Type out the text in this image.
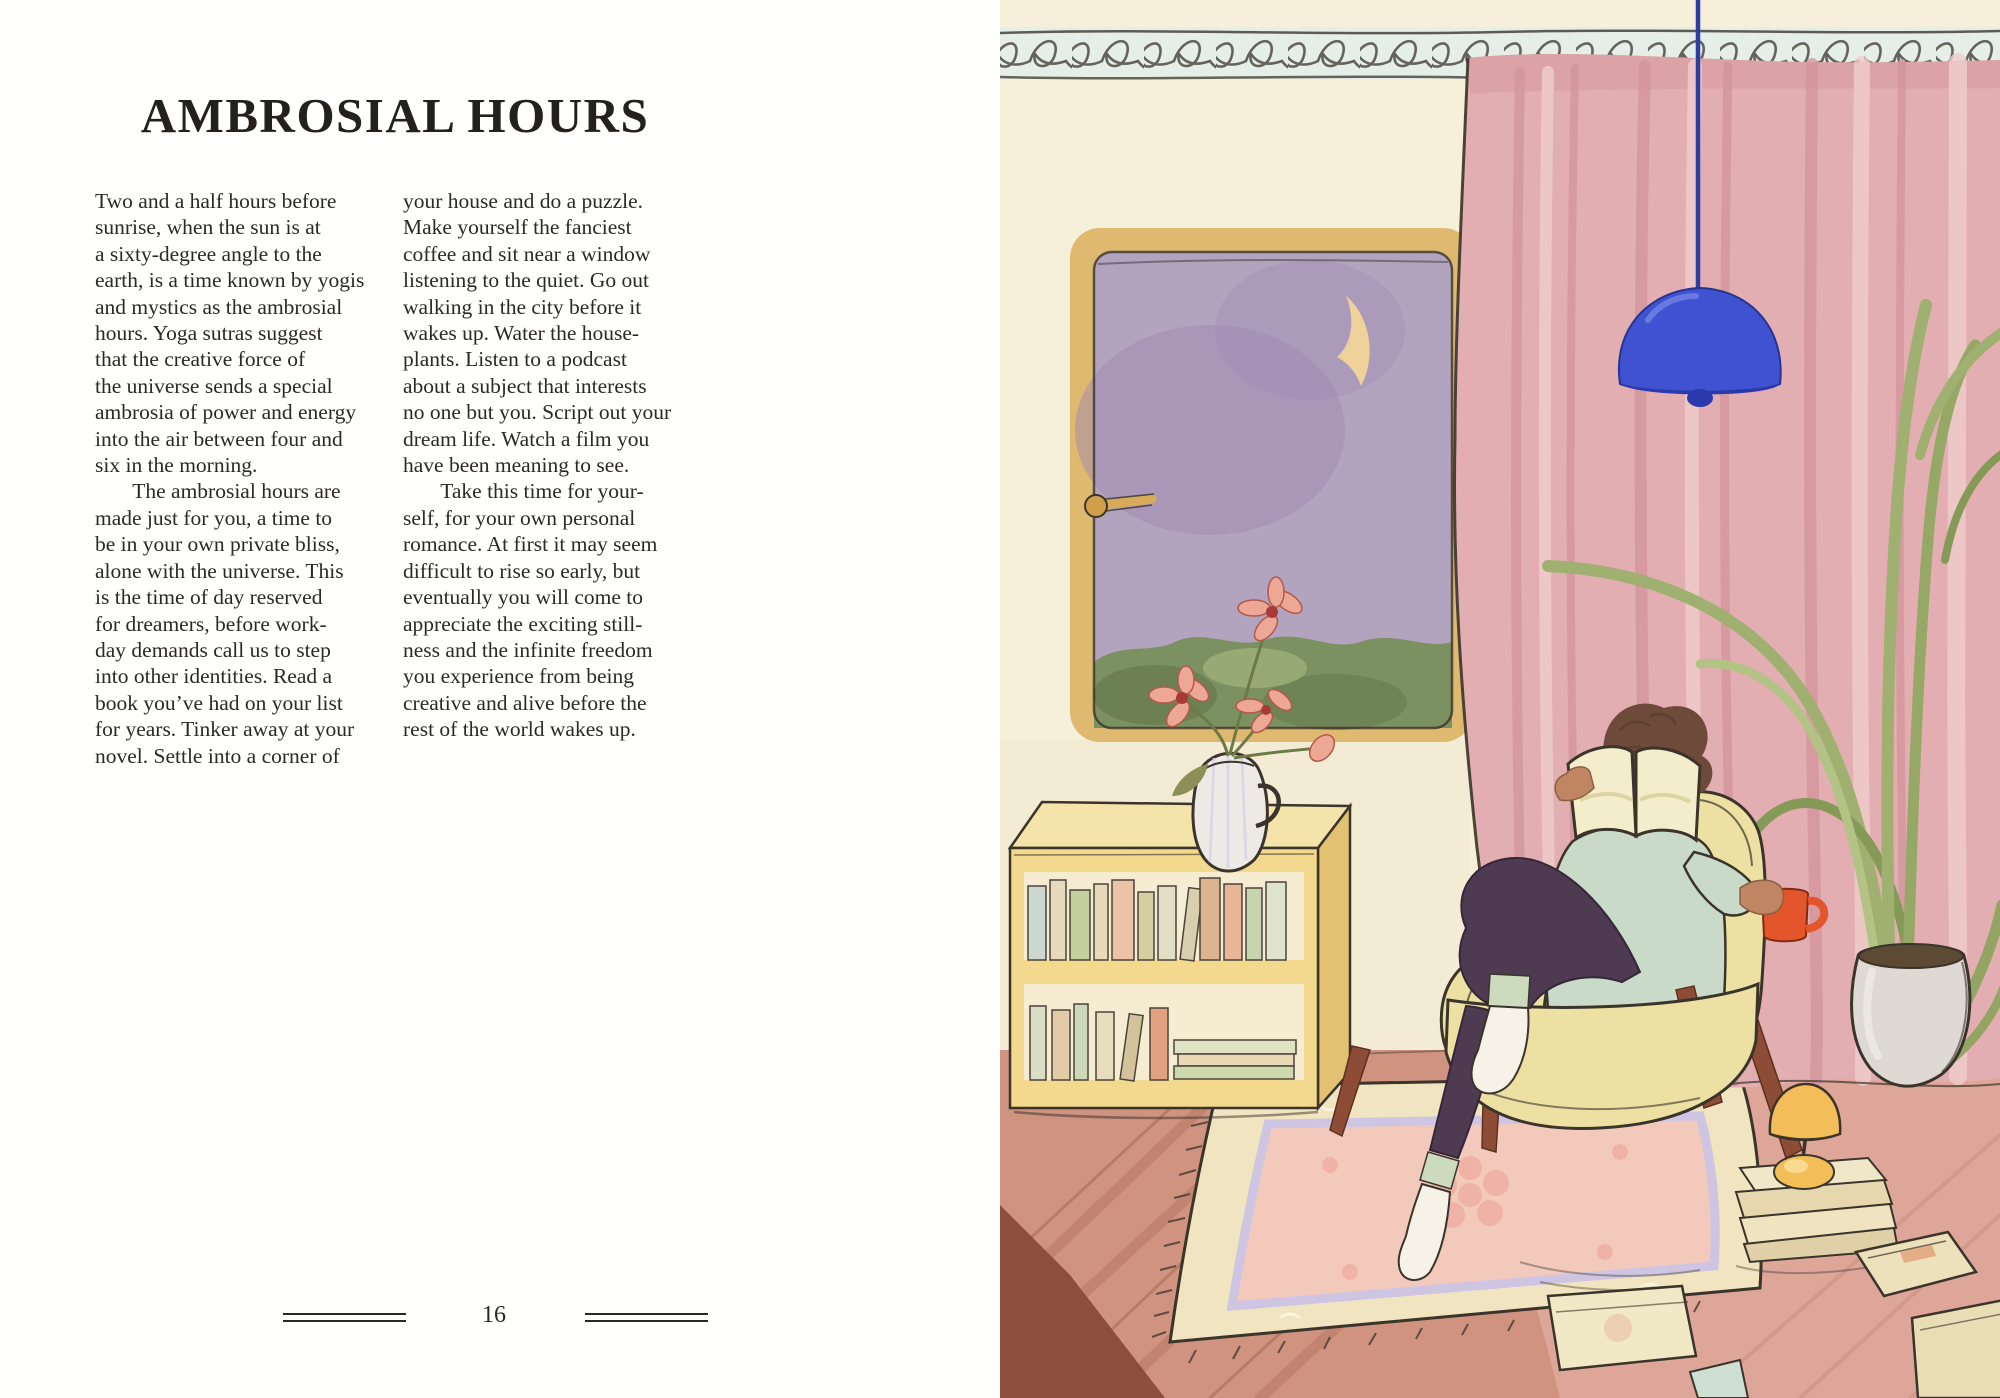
AMBROSIAL HOURS

Two and a half hours before

sunrise, when the sun is at

a sixty-degree angle to the

earth, is a time known by yogis

and mystics as the ambrosial

hours. Yoga sutras suggest

that the creative force of

the universe sends a special

ambrosia of power and energy

into the air between four and

six in the morning.

The ambrosial hours are

made just for you, a time to

be in your own private bliss,

alone with the universe. This

is the time of day reserved

for dreamers, before work-

day demands call us to step

into other identities. Read a

book you’ve had on your list

for years. Tinker away at your

novel. Settle into a corner of

your house and do a puzzle.

Make yourself the fanciest

coffee and sit near a window

listening to the quiet. Go out

walking in the city before it

wakes up. Water the house-

plants. Listen to a podcast

about a subject that interests

no one but you. Script out your

dream life. Watch a film you

have been meaning to see.

Take this time for your-

self, for your own personal

romance. At first it may seem

difficult to rise so early, but

eventually you will come to

appreciate the exciting still-

ness and the infinite freedom

you experience from being

creative and alive before the

rest of the world wakes up.

16
